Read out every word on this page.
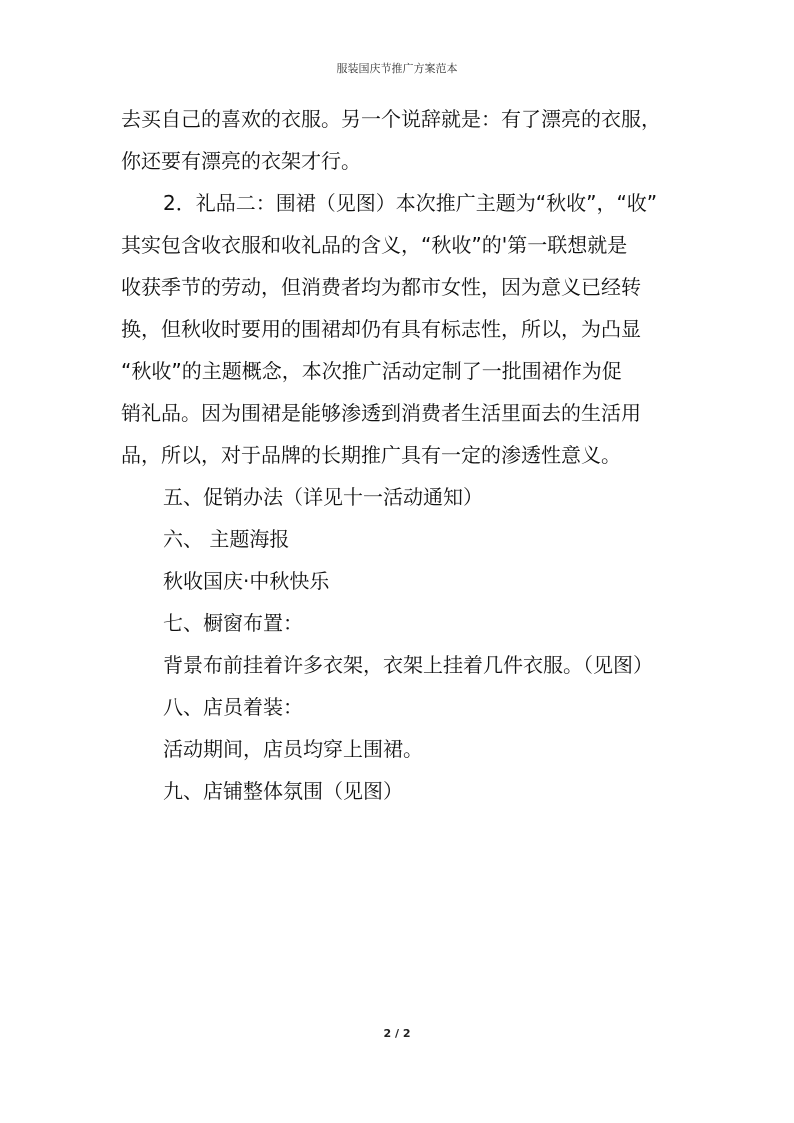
服装国庆节推广方案范本
去买自己的喜欢的衣服。另一个说辞就是：有了漂亮的衣服，
你还要有漂亮的衣架才行。
2．礼品二：围裙（见图）本次推广主题为“秋收”，“收”
其实包含收衣服和收礼品的含义，“秋收”的'第一联想就是
收获季节的劳动，但消费者均为都市女性，因为意义已经转
换，但秋收时要用的围裙却仍有具有标志性，所以，为凸显
“秋收”的主题概念，本次推广活动定制了一批围裙作为促
销礼品。因为围裙是能够渗透到消费者生活里面去的生活用
品，所以，对于品牌的长期推广具有一定的渗透性意义。
五、促销办法（详见十一活动通知）
六、 主题海报
秋收国庆·中秋快乐
七、橱窗布置：
背景布前挂着许多衣架，衣架上挂着几件衣服。（见图）
八、店员着装：
活动期间，店员均穿上围裙。
九、店铺整体氛围（见图）
2 / 2
